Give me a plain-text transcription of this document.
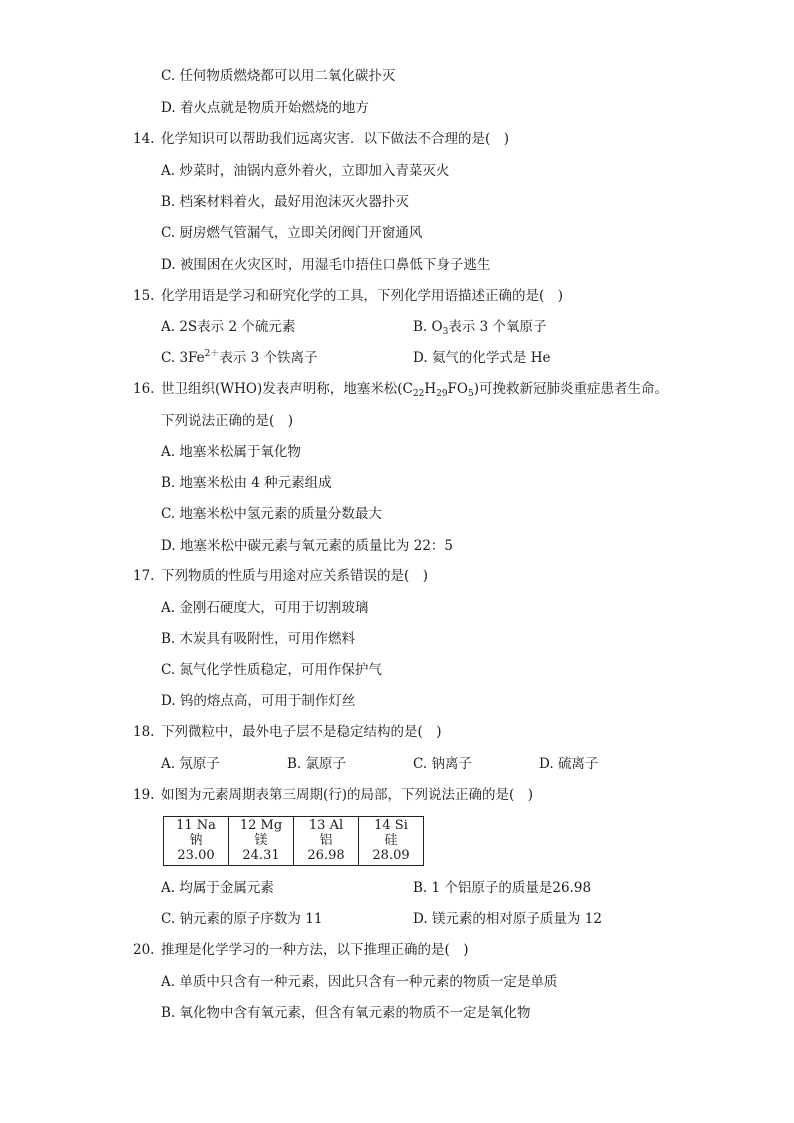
C. 任何物质燃烧都可以用二氧化碳扑灭
D. 着火点就是物质开始燃烧的地方
14. 化学知识可以帮助我们远离灾害．以下做法不合理的是(　)
A. 炒菜时，油锅内意外着火，立即加入青菜灭火
B. 档案材料着火，最好用泡沫灭火器扑灭
C. 厨房燃气管漏气，立即关闭阀门开窗通风
D. 被围困在火灾区时，用湿毛巾捂住口鼻低下身子逃生
15. 化学用语是学习和研究化学的工具，下列化学用语描述正确的是(　)
A. 2S表示 2 个硫元素	B. $O_3$表示 3 个氧原子
C. $3Fe^{2+}$表示 3 个铁离子	D. 氦气的化学式是 He
16. 世卫组织(WHO)发表声明称，地塞米松$(C_{22}H_{29}FO_5)$可挽救新冠肺炎重症患者生命。
下列说法正确的是(　)
A. 地塞米松属于氧化物
B. 地塞米松由 4 种元素组成
C. 地塞米松中氢元素的质量分数最大
D. 地塞米松中碳元素与氧元素的质量比为 22：5
17. 下列物质的性质与用途对应关系错误的是(　)
A. 金刚石硬度大，可用于切割玻璃
B. 木炭具有吸附性，可用作燃料
C. 氮气化学性质稳定，可用作保护气
D. 钨的熔点高，可用于制作灯丝
18. 下列微粒中，最外电子层不是稳定结构的是(　)
A. 氖原子	B. 氯原子	C. 钠离子	D. 硫离子
19. 如图为元素周期表第三周期(行)的局部，下列说法正确的是(　)
11 Na
钠
23.00

12 Mg
镁
24.31

13 Al
铝
26.98

14 Si
硅
28.09
A. 均属于金属元素	B. 1 个铝原子的质量是26.98
C. 钠元素的原子序数为 11	D. 镁元素的相对原子质量为 12
20. 推理是化学学习的一种方法，以下推理正确的是(　)
A. 单质中只含有一种元素，因此只含有一种元素的物质一定是单质
B. 氧化物中含有氧元素，但含有氧元素的物质不一定是氧化物
